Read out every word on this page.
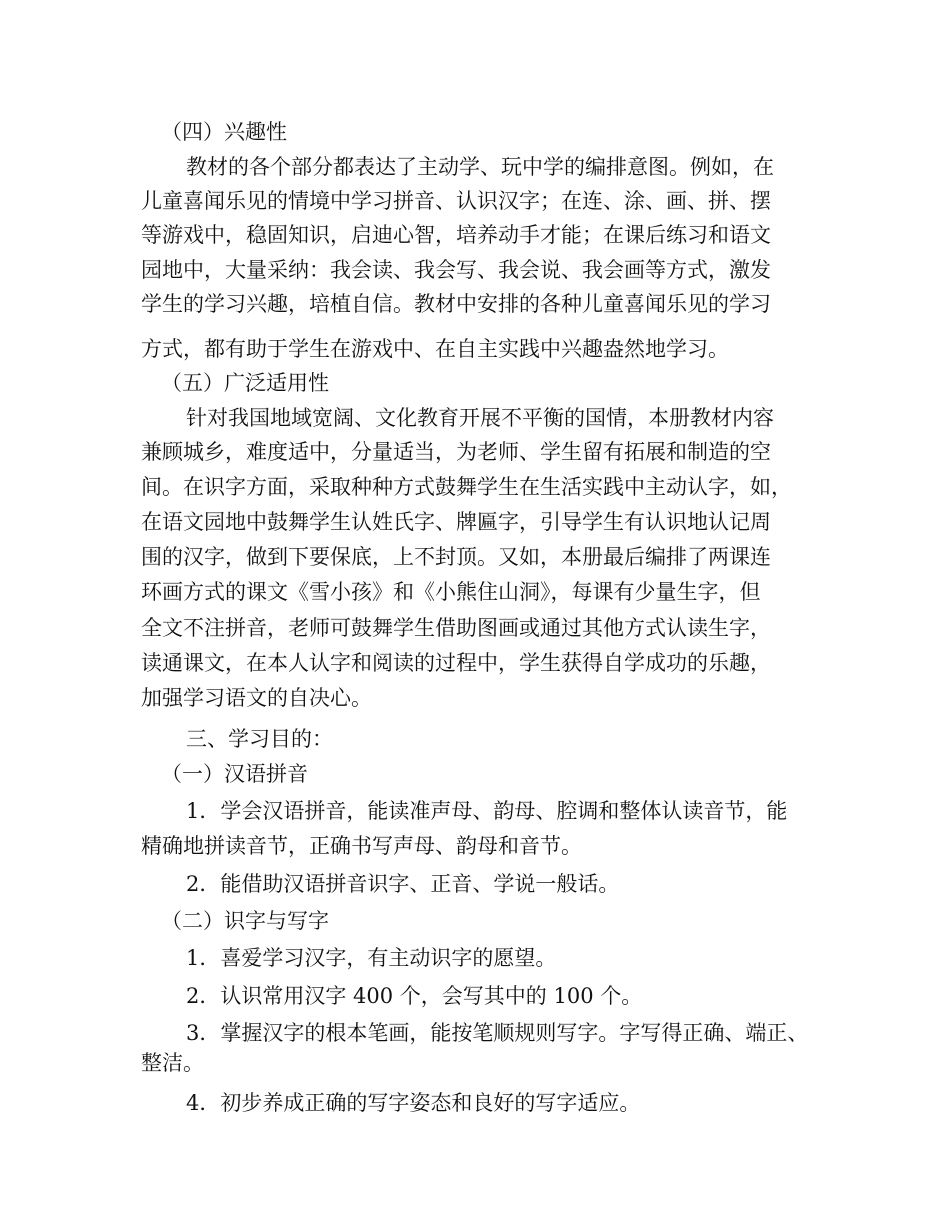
（四）兴趣性
教材的各个部分都表达了主动学、玩中学的编排意图。例如，在
儿童喜闻乐见的情境中学习拼音、认识汉字；在连、涂、画、拼、摆
等游戏中，稳固知识，启迪心智，培养动手才能；在课后练习和语文
园地中，大量采纳：我会读、我会写、我会说、我会画等方式，激发
学生的学习兴趣，培植自信。教材中安排的各种儿童喜闻乐见的学习
方式，都有助于学生在游戏中、在自主实践中兴趣盎然地学习。
（五）广泛适用性
针对我国地域宽阔、文化教育开展不平衡的国情，本册教材内容
兼顾城乡，难度适中，分量适当，为老师、学生留有拓展和制造的空
间。在识字方面，采取种种方式鼓舞学生在生活实践中主动认字，如，
在语文园地中鼓舞学生认姓氏字、牌匾字，引导学生有认识地认记周
围的汉字，做到下要保底，上不封顶。又如，本册最后编排了两课连
环画方式的课文《雪小孩》和《小熊住山洞》，每课有少量生字，但
全文不注拼音，老师可鼓舞学生借助图画或通过其他方式认读生字，
读通课文，在本人认字和阅读的过程中，学生获得自学成功的乐趣，
加强学习语文的自决心。
三、学习目的：
（一）汉语拼音
1．学会汉语拼音，能读准声母、韵母、腔调和整体认读音节，能
精确地拼读音节，正确书写声母、韵母和音节。
2．能借助汉语拼音识字、正音、学说一般话。
（二）识字与写字
1．喜爱学习汉字，有主动识字的愿望。
2．认识常用汉字 400 个，会写其中的 100 个。
3．掌握汉字的根本笔画，能按笔顺规则写字。字写得正确、端正、
整洁。
4．初步养成正确的写字姿态和良好的写字适应。
